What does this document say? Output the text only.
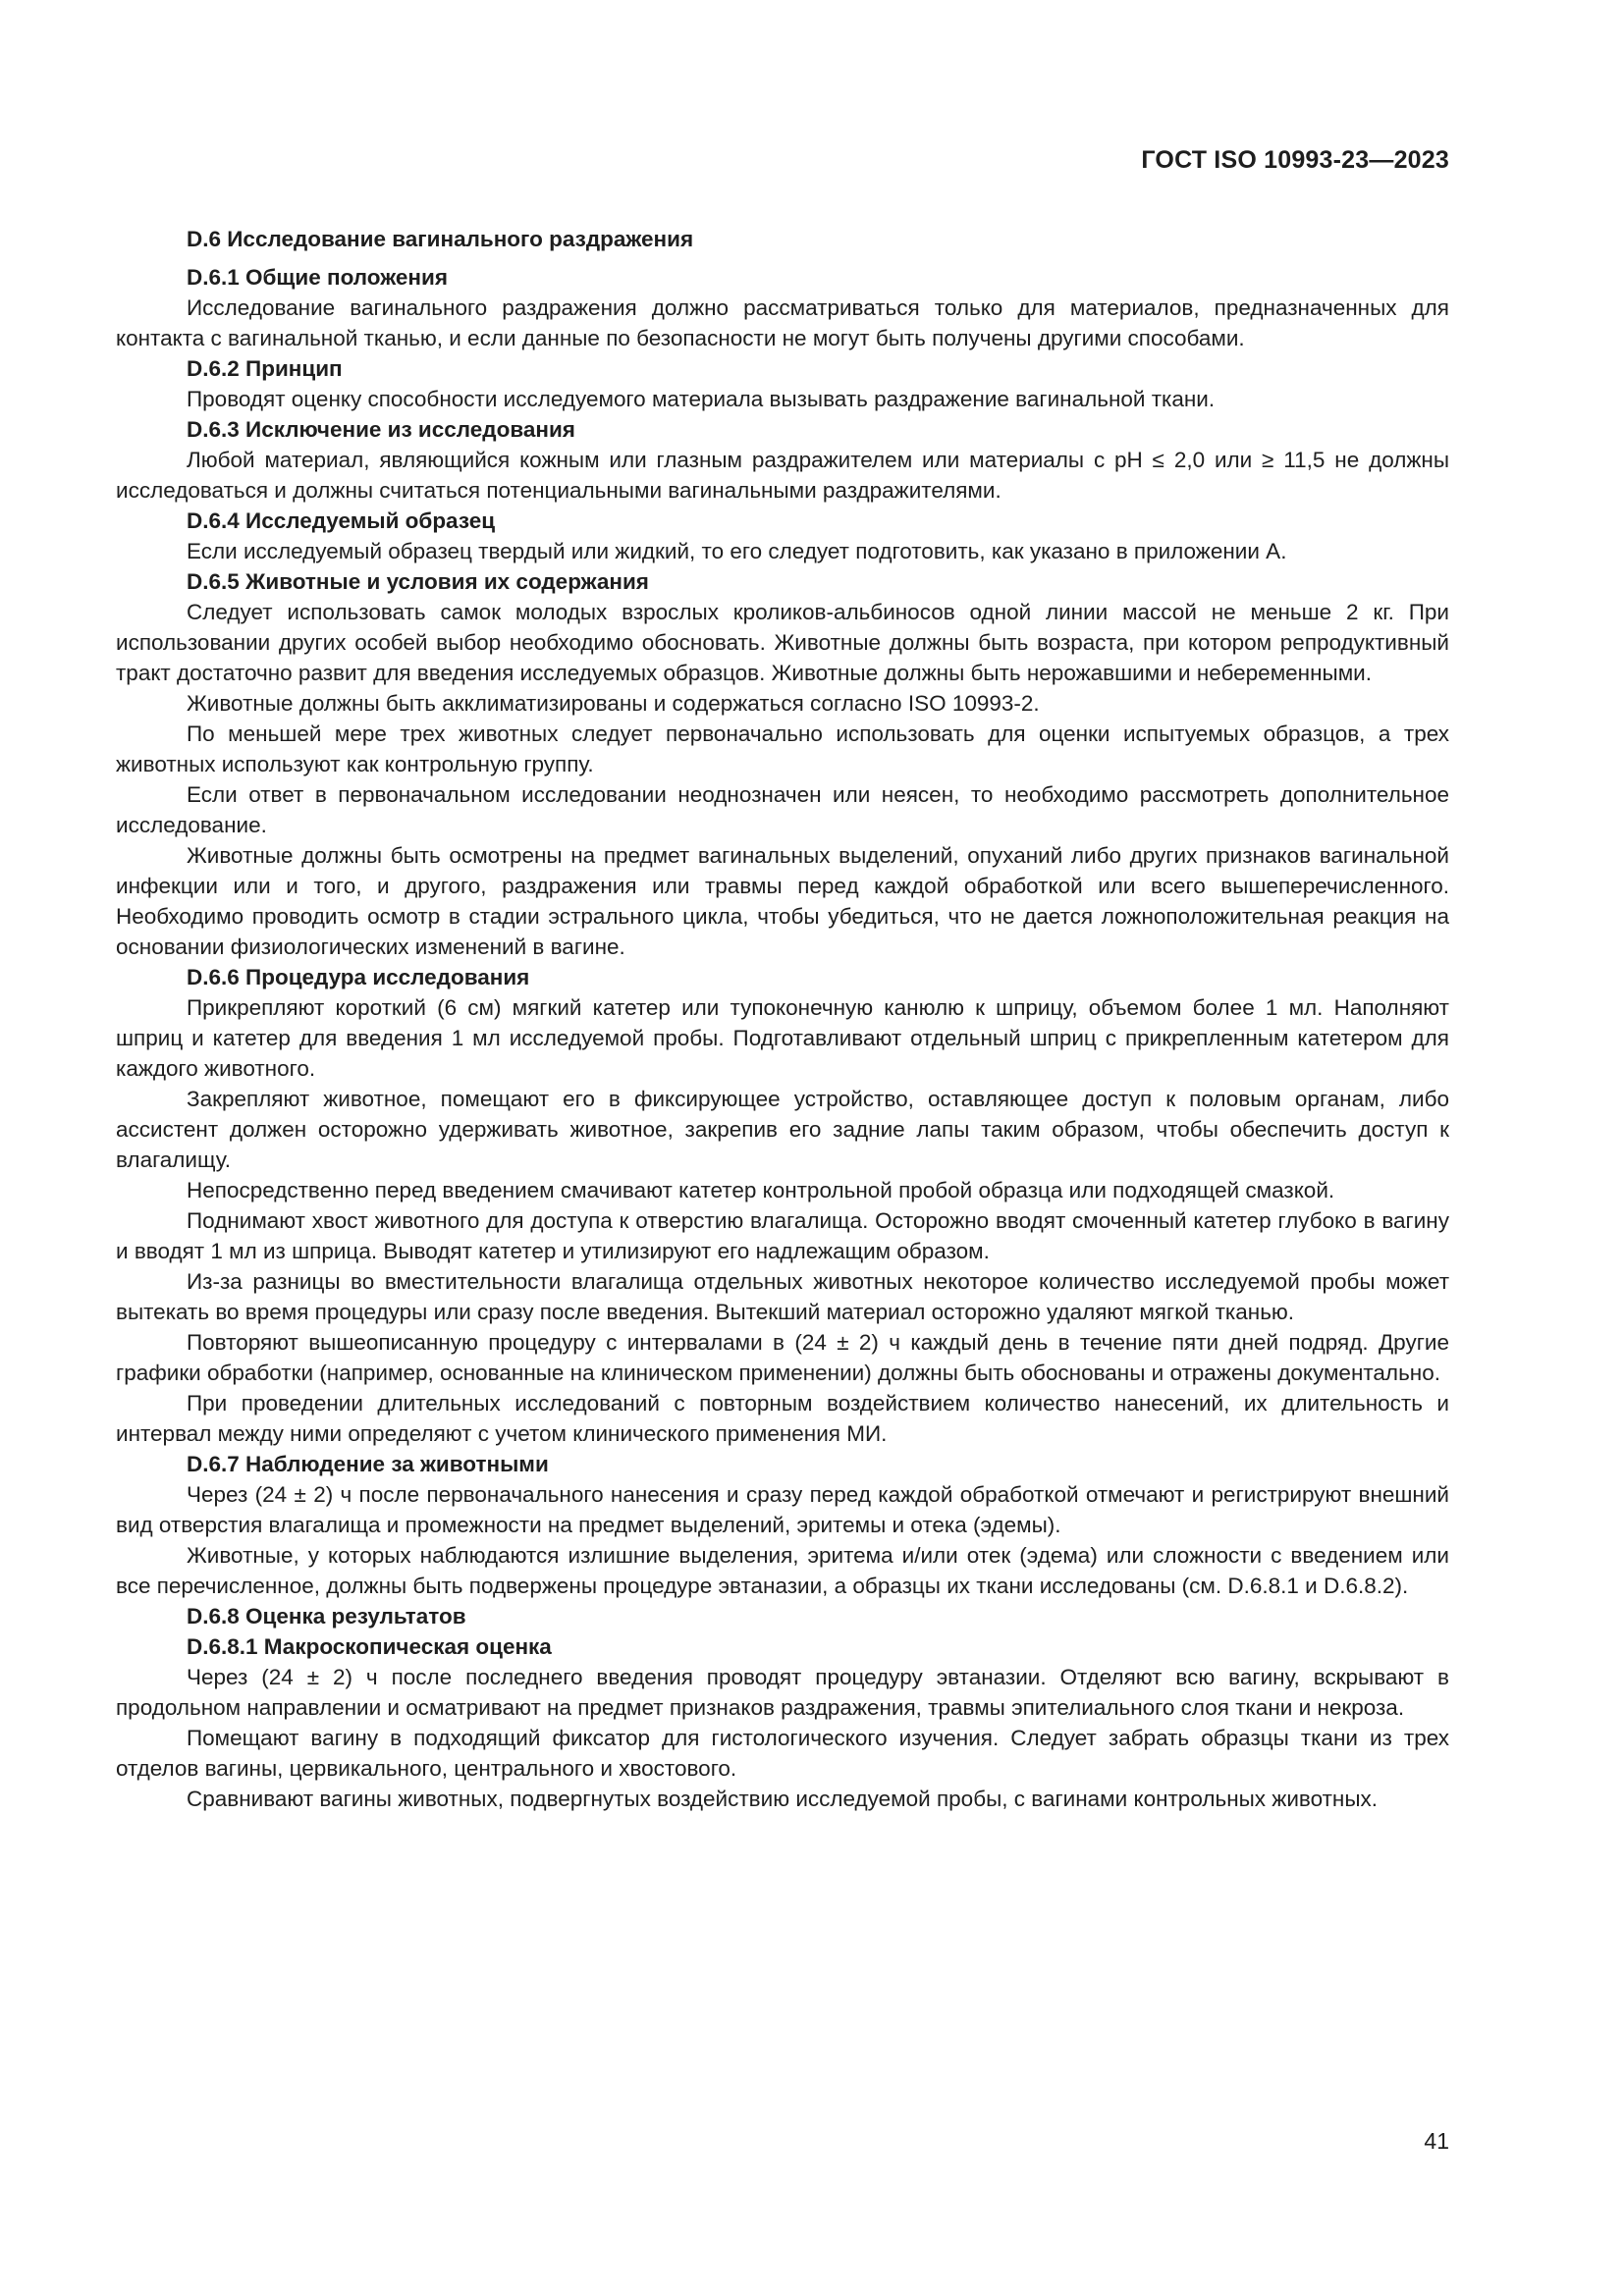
ГОСТ ISO 10993-23—2023
D.6 Исследование вагинального раздражения
D.6.1 Общие положения

Исследование вагинального раздражения должно рассматриваться только для материалов, предназначенных для контакта с вагинальной тканью, и если данные по безопасности не могут быть получены другими способами.

D.6.2 Принцип

Проводят оценку способности исследуемого материала вызывать раздражение вагинальной ткани.

D.6.3 Исключение из исследования

Любой материал, являющийся кожным или глазным раздражителем или материалы с рН ≤ 2,0 или ≥ 11,5 не должны исследоваться и должны считаться потенциальными вагинальными раздражителями.

D.6.4 Исследуемый образец

Если исследуемый образец твердый или жидкий, то его следует подготовить, как указано в приложении А.

D.6.5 Животные и условия их содержания

Следует использовать самок молодых взрослых кроликов-альбиносов одной линии массой не меньше 2 кг. При использовании других особей выбор необходимо обосновать. Животные должны быть возраста, при котором репродуктивный тракт достаточно развит для введения исследуемых образцов. Животные должны быть нерожавшими и небеременными.

Животные должны быть акклиматизированы и содержаться согласно ISO 10993-2.

По меньшей мере трех животных следует первоначально использовать для оценки испытуемых образцов, а трех животных используют как контрольную группу.

Если ответ в первоначальном исследовании неоднозначен или неясен, то необходимо рассмотреть дополнительное исследование.

Животные должны быть осмотрены на предмет вагинальных выделений, опуханий либо других признаков вагинальной инфекции или и того, и другого, раздражения или травмы перед каждой обработкой или всего вышеперечисленного. Необходимо проводить осмотр в стадии эстрального цикла, чтобы убедиться, что не дается ложноположительная реакция на основании физиологических изменений в вагине.

D.6.6 Процедура исследования

Прикрепляют короткий (6 см) мягкий катетер или тупоконечную канюлю к шприцу, объемом более 1 мл. Наполняют шприц и катетер для введения 1 мл исследуемой пробы. Подготавливают отдельный шприц с прикрепленным катетером для каждого животного.

Закрепляют животное, помещают его в фиксирующее устройство, оставляющее доступ к половым органам, либо ассистент должен осторожно удерживать животное, закрепив его задние лапы таким образом, чтобы обеспечить доступ к влагалищу.

Непосредственно перед введением смачивают катетер контрольной пробой образца или подходящей смазкой.

Поднимают хвост животного для доступа к отверстию влагалища. Осторожно вводят смоченный катетер глубоко в вагину и вводят 1 мл из шприца. Выводят катетер и утилизируют его надлежащим образом.

Из-за разницы во вместительности влагалища отдельных животных некоторое количество исследуемой пробы может вытекать во время процедуры или сразу после введения. Вытекший материал осторожно удаляют мягкой тканью.

Повторяют вышеописанную процедуру с интервалами в (24 ± 2) ч каждый день в течение пяти дней подряд. Другие графики обработки (например, основанные на клиническом применении) должны быть обоснованы и отражены документально.

При проведении длительных исследований с повторным воздействием количество нанесений, их длительность и интервал между ними определяют с учетом клинического применения МИ.

D.6.7 Наблюдение за животными

Через (24 ± 2) ч после первоначального нанесения и сразу перед каждой обработкой отмечают и регистрируют внешний вид отверстия влагалища и промежности на предмет выделений, эритемы и отека (эдемы).

Животные, у которых наблюдаются излишние выделения, эритема и/или отек (эдема) или сложности с введением или все перечисленное, должны быть подвержены процедуре эвтаназии, а образцы их ткани исследованы (см. D.6.8.1 и D.6.8.2).

D.6.8 Оценка результатов
D.6.8.1 Макроскопическая оценка

Через (24 ± 2) ч после последнего введения проводят процедуру эвтаназии. Отделяют всю вагину, вскрывают в продольном направлении и осматривают на предмет признаков раздражения, травмы эпителиального слоя ткани и некроза.

Помещают вагину в подходящий фиксатор для гистологического изучения. Следует забрать образцы ткани из трех отделов вагины, цервикального, центрального и хвостового.

Сравнивают вагины животных, подвергнутых воздействию исследуемой пробы, с вагинами контрольных животных.

41
